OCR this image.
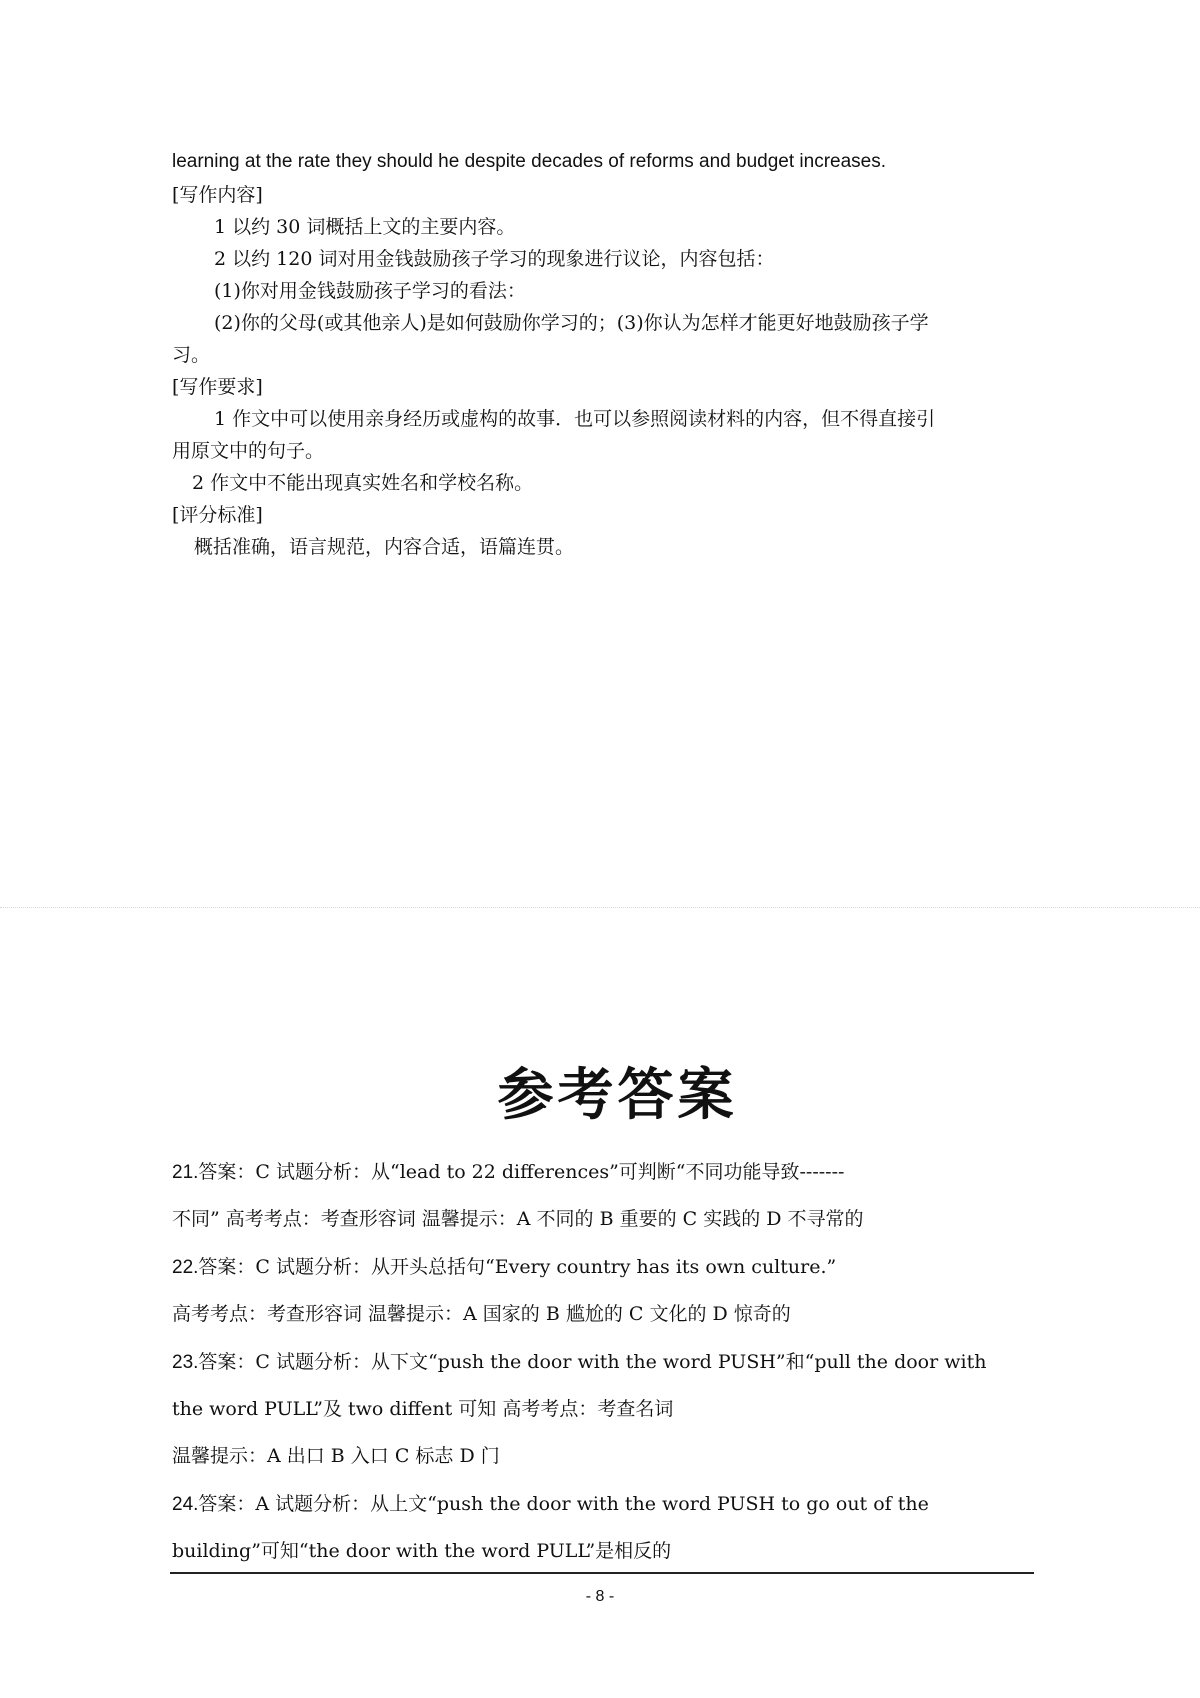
learning at the rate they should he despite decades of reforms and budget increases.
[写作内容]
1 以约 30 词概括上文的主要内容。
2 以约 120 词对用金钱鼓励孩子学习的现象进行议论，内容包括：
(1)你对用金钱鼓励孩子学习的看法：
(2)你的父母(或其他亲人)是如何鼓励你学习的；(3)你认为怎样才能更好地鼓励孩子学
习。
[写作要求]
1 作文中可以使用亲身经历或虚构的故事．也可以参照阅读材料的内容，但不得直接引
用原文中的句子。
2 作文中不能出现真实姓名和学校名称。
[评分标准]
概括准确，语言规范，内容合适，语篇连贯。
参考答案
21.答案：C 试题分析：从“lead to 22 differences”可判断“不同功能导致-------
不同” 高考考点：考查形容词 温馨提示：A 不同的 B 重要的 C 实践的 D 不寻常的
22.答案：C 试题分析：从开头总括句“Every country has its own culture.”
高考考点：考查形容词 温馨提示：A 国家的 B 尴尬的 C 文化的 D 惊奇的
23.答案：C 试题分析：从下文“push the door with the word PUSH”和“pull the door with
the word PULL”及 two diffent 可知 高考考点：考查名词
温馨提示：A 出口 B 入口 C 标志 D 门
24.答案：A 试题分析：从上文“push the door with the word PUSH to go out of the
building”可知“the door with the word PULL”是相反的
- 8 -
